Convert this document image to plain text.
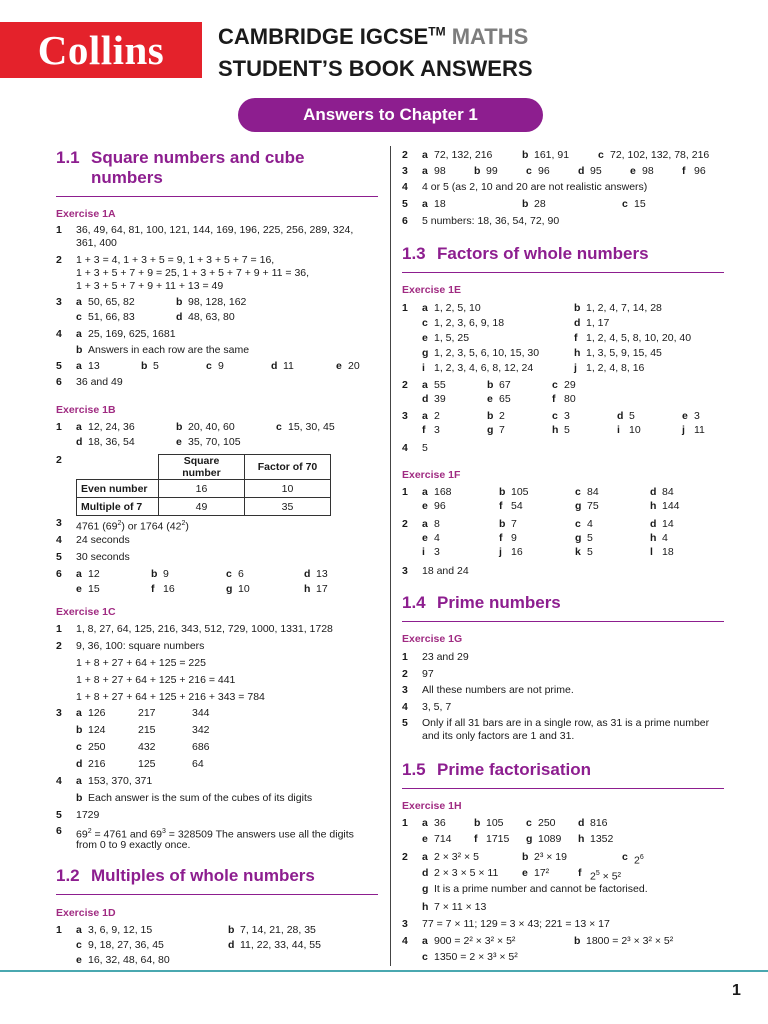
Collins	CAMBRIDGE IGCSE™ MATHS
STUDENT’S BOOK ANSWERS
Answers to Chapter 1
1.1 Square numbers and cube
numbers
Exercise 1A
1 36, 49, 64, 81, 100, 121, 144, 169, 196, 225, 256, 289, 324,
361, 400
2 1 + 3 = 4, 1 + 3 + 5 = 9, 1 + 3 + 5 + 7 = 16,
1 + 3 + 5 + 7 + 9 = 25, 1 + 3 + 5 + 7 + 9 + 11 = 36,
1 + 3 + 5 + 7 + 9 + 11 + 13 = 49
3 a 50, 65, 82	b 98, 128, 162
c 51, 66, 83	d 48, 63, 80
4 a 25, 169, 625, 1681
b Answers in each row are the same
5 a 13	b 5	c 9	d 11	e 20
6 36 and 49
Exercise 1B
1 a 12, 24, 36	b 20, 40, 60	c 15, 30, 45
d 18, 36, 54	e 35, 70, 105
2
		Square number	Factor of 70
Even number	16	10
Multiple of 7	49	35
3 4761 $(69^2)$ or 1764 $(42^2)$
4 24 seconds
5 30 seconds
6 a 12	b 9	c 6	d 13
e 15	f 16	g 10	h 17
Exercise 1C
1 1, 8, 27, 64, 125, 216, 343, 512, 729, 1000, 1331, 1728
2 9, 36, 100: square numbers
1 + 8 + 27 + 64 + 125 = 225
1 + 8 + 27 + 64 + 125 + 216 = 441
1 + 8 + 27 + 64 + 125 + 216 + 343 = 784
3 a 126	217	344
b 124	215	342
c 250	432	686
d 216	125	64
4 a 153, 370, 371
b Each answer is the sum of the cubes of its digits
5 1729
6 $69^2 = 4761$ and $69^3 = 328509$ The answers use all the digits
from 0 to 9 exactly once.
1.2 Multiples of whole numbers
Exercise 1D
1 a 3, 6, 9, 12, 15	b 7, 14, 21, 28, 35
c 9, 18, 27, 36, 45	d 11, 22, 33, 44, 55
e 16, 32, 48, 64, 80
2 a 72, 132, 216	b 161, 91	c 72, 102, 132, 78, 216
3 a 98	b 99	c 96	d 95	e 98	f 96
4 4 or 5 (as 2, 10 and 20 are not realistic answers)
5 a 18	b 28	c 15
6 5 numbers: 18, 36, 54, 72, 90
1.3 Factors of whole numbers
Exercise 1E
1 a 1, 2, 5, 10	b 1, 2, 4, 7, 14, 28
c 1, 2, 3, 6, 9, 18	d 1, 17
e 1, 5, 25	f 1, 2, 4, 5, 8, 10, 20, 40
g 1, 2, 3, 5, 6, 10, 15, 30	h 1, 3, 5, 9, 15, 45
i 1, 2, 3, 4, 6, 8, 12, 24	j 1, 2, 4, 8, 16
2 a 55	b 67	c 29
d 39	e 65	f 80
3 a 2	b 2	c 3	d 5	e 3
f 3	g 7	h 5	i 10	j 11
4 5
Exercise 1F
1 a 168	b 105	c 84	d 84
e 96	f 54	g 75	h 144
2 a 8	b 7	c 4	d 14
e 4	f 9	g 5	h 4
i 3	j 16	k 5	l 18
3 18 and 24
1.4 Prime numbers
Exercise 1G
1 23 and 29
2 97
3 All these numbers are not prime.
4 3, 5, 7
5 Only if all 31 bars are in a single row, as 31 is a prime number
and its only factors are 1 and 31.
1.5 Prime factorisation
Exercise 1H
1 a 36	b 105 c 250 d 816
e 714 f 1715 g 1089 h 1352
2 a 2 × 3² × 5	b 2³ × 19	c $2^6$
d 2 × 3 × 5 × 11 e 17²	f $2^5 \times 5^2$
g It is a prime number and cannot be factorised.
h 7 × 11 × 13
3 77 = 7 × 11; 129 = 3 × 43; 221 = 13 × 17
4 a 900 = 2² × 3² × 5²	b 1800 = 2³ × 3² × 5²
c 1350 = 2 × 3³ × 5²
1
